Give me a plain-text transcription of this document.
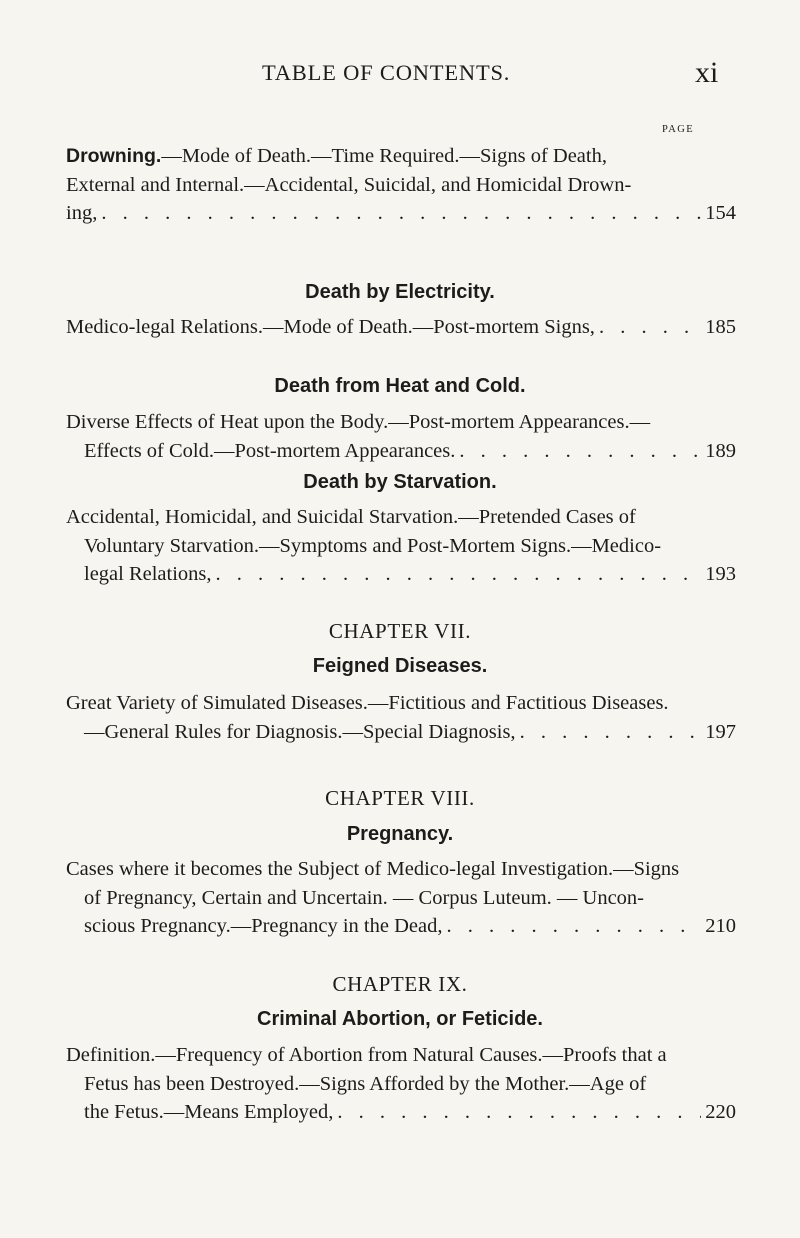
TABLE OF CONTENTS.	xi
PAGE
Drowning.—Mode of Death.—Time Required.—Signs of Death,
External and Internal.—Accidental, Suicidal, and Homicidal Drown-
ing, . . .	154
Death by Electricity.
Medico-legal Relations.—Mode of Death.—Post-mortem Signs, . . .	185
Death from Heat and Cold.
Diverse Effects of Heat upon the Body.—Post-mortem Appearances.—
Effects of Cold.—Post-mortem Appearances. . . .	189
Death by Starvation.
Accidental, Homicidal, and Suicidal Starvation.—Pretended Cases of
Voluntary Starvation.—Symptoms and Post-Mortem Signs.—Medico-
legal Relations, . . .	193
CHAPTER VII.
Feigned Diseases.
Great Variety of Simulated Diseases.—Fictitious and Factitious Diseases.
—General Rules for Diagnosis.—Special Diagnosis, . . .	197
CHAPTER VIII.
Pregnancy.
Cases where it becomes the Subject of Medico-legal Investigation.—Signs
of Pregnancy, Certain and Uncertain. — Corpus Luteum. — Uncon-
scious Pregnancy.—Pregnancy in the Dead, . . .	210
CHAPTER IX.
Criminal Abortion, or Feticide.
Definition.—Frequency of Abortion from Natural Causes.—Proofs that a
Fetus has been Destroyed.—Signs Afforded by the Mother.—Age of
the Fetus.—Means Employed, . . .	220
